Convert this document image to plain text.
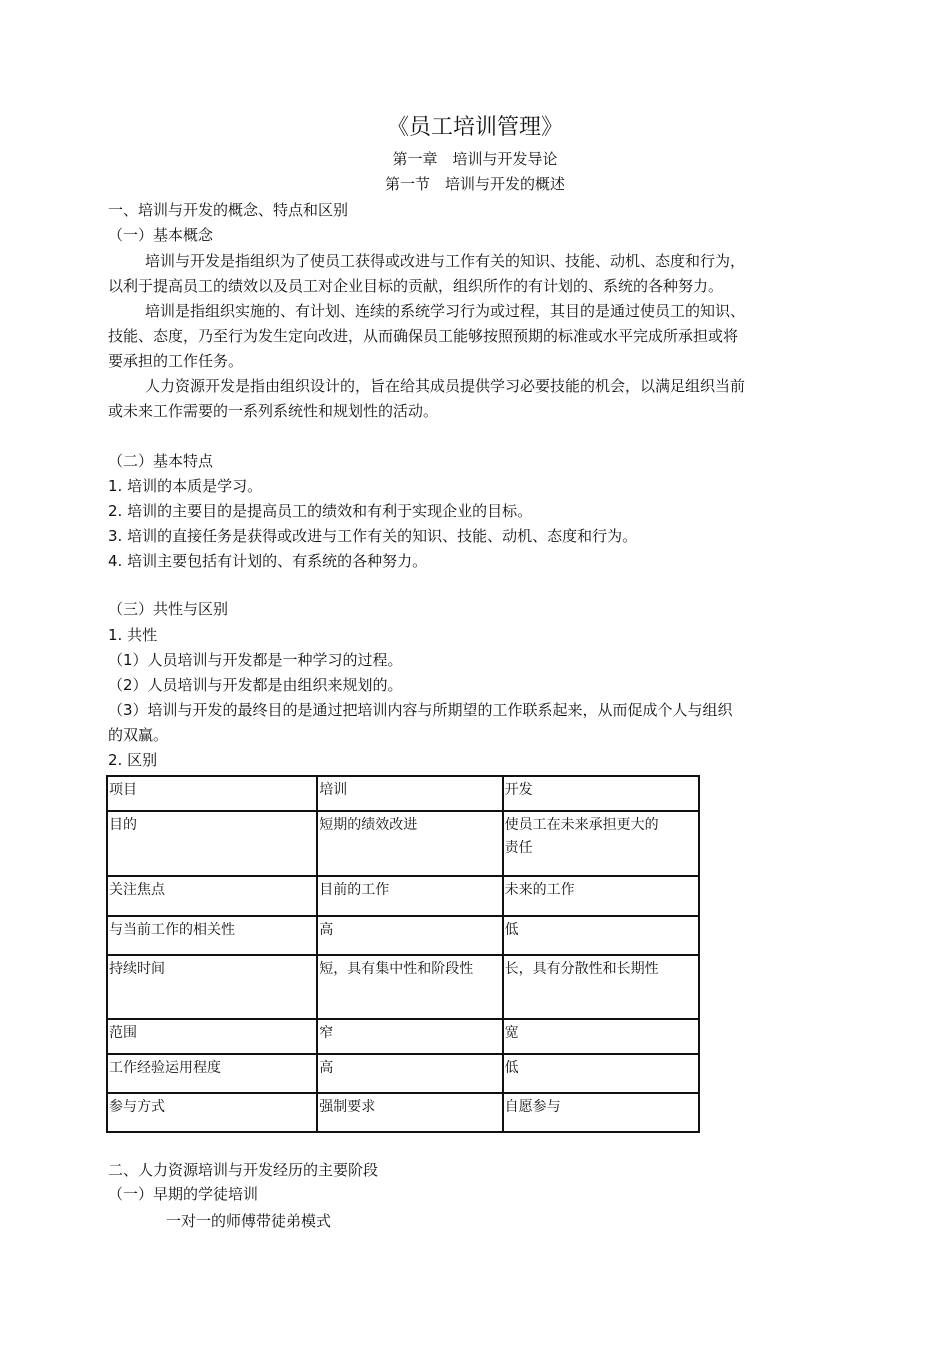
《员工培训管理》
第一章　培训与开发导论
第一节　培训与开发的概述
一、培训与开发的概念、特点和区别
（一）基本概念
培训与开发是指组织为了使员工获得或改进与工作有关的知识、技能、动机、态度和行为，
以利于提高员工的绩效以及员工对企业目标的贡献，组织所作的有计划的、系统的各种努力。
培训是指组织实施的、有计划、连续的系统学习行为或过程，其目的是通过使员工的知识、
技能、态度，乃至行为发生定向改进，从而确保员工能够按照预期的标准或水平完成所承担或将
要承担的工作任务。
人力资源开发是指由组织设计的，旨在给其成员提供学习必要技能的机会，以满足组织当前
或未来工作需要的一系列系统性和规划性的活动。
（二）基本特点
1. 培训的本质是学习。
2. 培训的主要目的是提高员工的绩效和有利于实现企业的目标。
3. 培训的直接任务是获得或改进与工作有关的知识、技能、动机、态度和行为。
4. 培训主要包括有计划的、有系统的各种努力。
（三）共性与区别
1. 共性
（1）人员培训与开发都是一种学习的过程。
（2）人员培训与开发都是由组织来规划的。
（3）培训与开发的最终目的是通过把培训内容与所期望的工作联系起来，从而促成个人与组织
的双赢。
2. 区别
项目	培训	开发
目的	短期的绩效改进	使员工在未来承担更大的责任
关注焦点	目前的工作	未来的工作
与当前工作的相关性	高	低
持续时间	短，具有集中性和阶段性	长，具有分散性和长期性
范围	窄	宽
工作经验运用程度	高	低
参与方式	强制要求	自愿参与
二、人力资源培训与开发经历的主要阶段
（一）早期的学徒培训
一对一的师傅带徒弟模式
